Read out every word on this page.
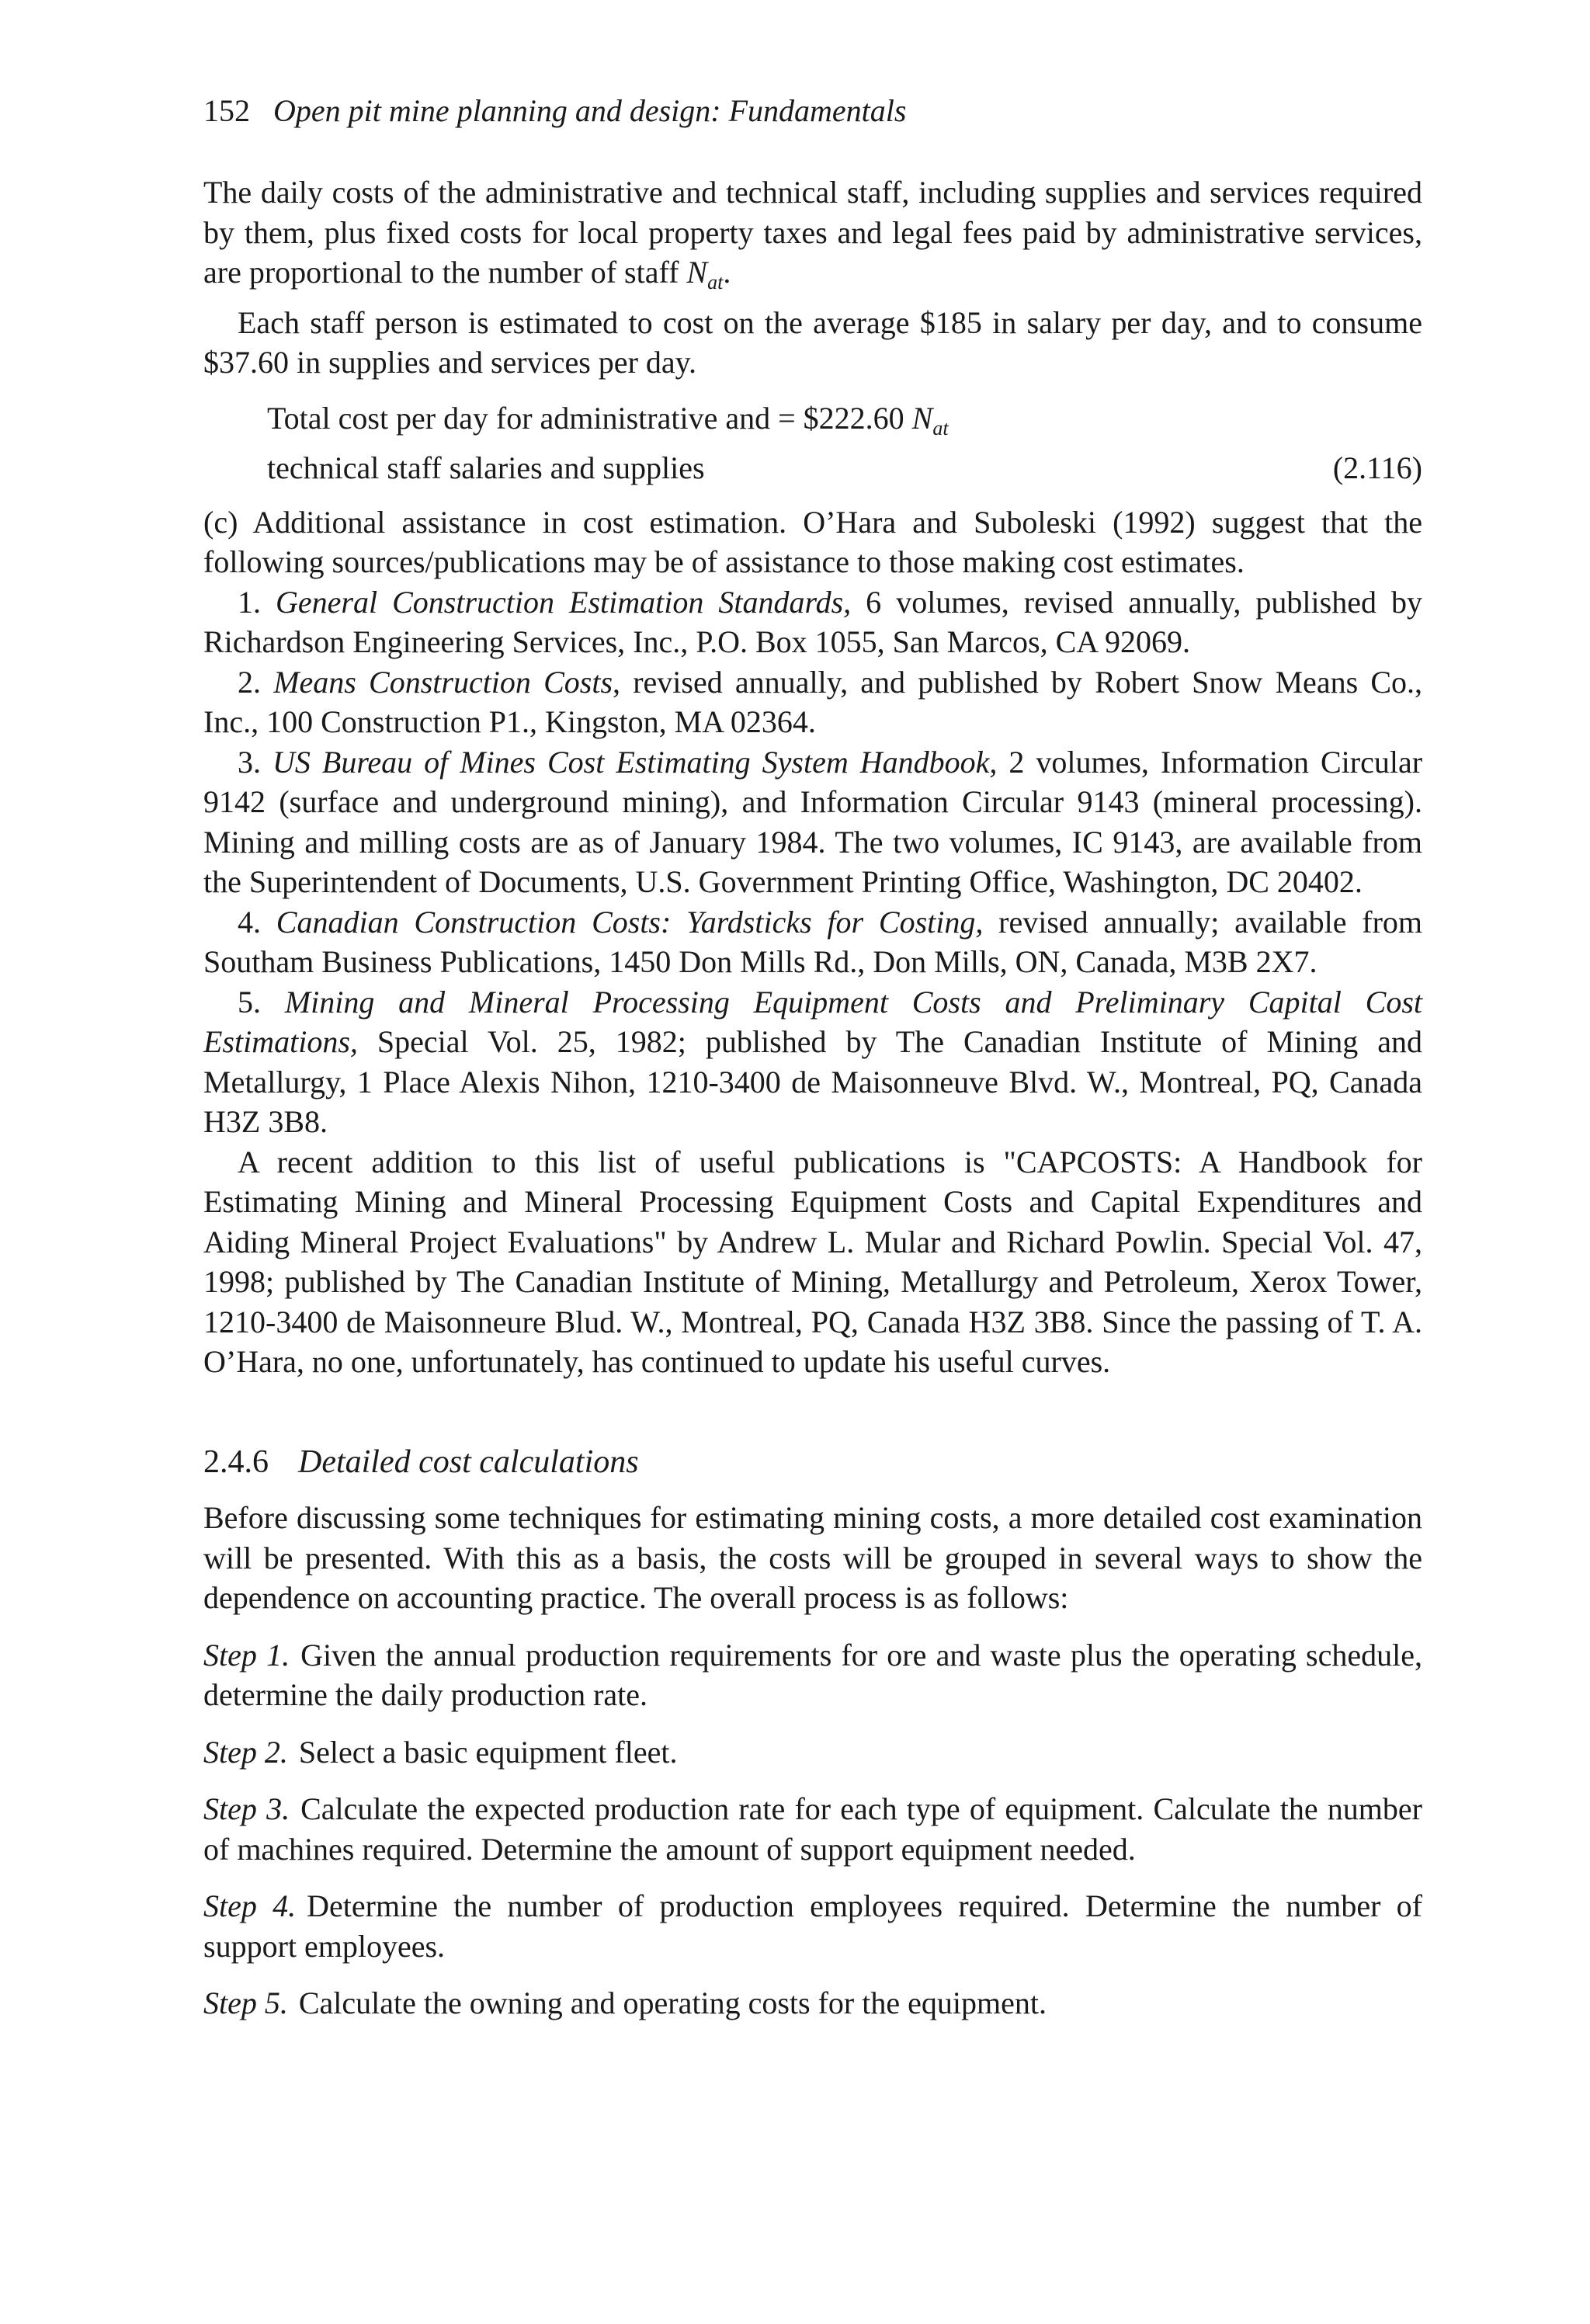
152 Open pit mine planning and design: Fundamentals

The daily costs of the administrative and technical staff, including supplies and services required by them, plus fixed costs for local property taxes and legal fees paid by administrative services, are proportional to the number of staff $N_{at}$.

Each staff person is estimated to cost on the average $185 in salary per day, and to consume $37.60 in supplies and services per day.

Total cost per day for administrative and = $222.60 $N_{at}$
technical staff salaries and supplies	(2.116)

(c) Additional assistance in cost estimation. O’Hara and Suboleski (1992) suggest that the following sources/publications may be of assistance to those making cost estimates.

1. General Construction Estimation Standards, 6 volumes, revised annually, published by Richardson Engineering Services, Inc., P.O. Box 1055, San Marcos, CA 92069.

2. Means Construction Costs, revised annually, and published by Robert Snow Means Co., Inc., 100 Construction P1., Kingston, MA 02364.

3. US Bureau of Mines Cost Estimating System Handbook, 2 volumes, Information Circular 9142 (surface and underground mining), and Information Circular 9143 (mineral processing). Mining and milling costs are as of January 1984. The two volumes, IC 9143, are available from the Superintendent of Documents, U.S. Government Printing Office, Washington, DC 20402.

4. Canadian Construction Costs: Yardsticks for Costing, revised annually; available from Southam Business Publications, 1450 Don Mills Rd., Don Mills, ON, Canada, M3B 2X7.

5. Mining and Mineral Processing Equipment Costs and Preliminary Capital Cost Estimations, Special Vol. 25, 1982; published by The Canadian Institute of Mining and Metallurgy, 1 Place Alexis Nihon, 1210-3400 de Maisonneuve Blvd. W., Montreal, PQ, Canada H3Z 3B8.

A recent addition to this list of useful publications is "CAPCOSTS: A Handbook for Estimating Mining and Mineral Processing Equipment Costs and Capital Expenditures and Aiding Mineral Project Evaluations" by Andrew L. Mular and Richard Powlin. Special Vol. 47, 1998; published by The Canadian Institute of Mining, Metallurgy and Petroleum, Xerox Tower, 1210-3400 de Maisonneure Blud. W., Montreal, PQ, Canada H3Z 3B8. Since the passing of T. A. O’Hara, no one, unfortunately, has continued to update his useful curves.

2.4.6 Detailed cost calculations

Before discussing some techniques for estimating mining costs, a more detailed cost examination will be presented. With this as a basis, the costs will be grouped in several ways to show the dependence on accounting practice. The overall process is as follows:

Step 1. Given the annual production requirements for ore and waste plus the operating schedule, determine the daily production rate.

Step 2. Select a basic equipment fleet.

Step 3. Calculate the expected production rate for each type of equipment. Calculate the number of machines required. Determine the amount of support equipment needed.

Step 4. Determine the number of production employees required. Determine the number of support employees.

Step 5. Calculate the owning and operating costs for the equipment.
